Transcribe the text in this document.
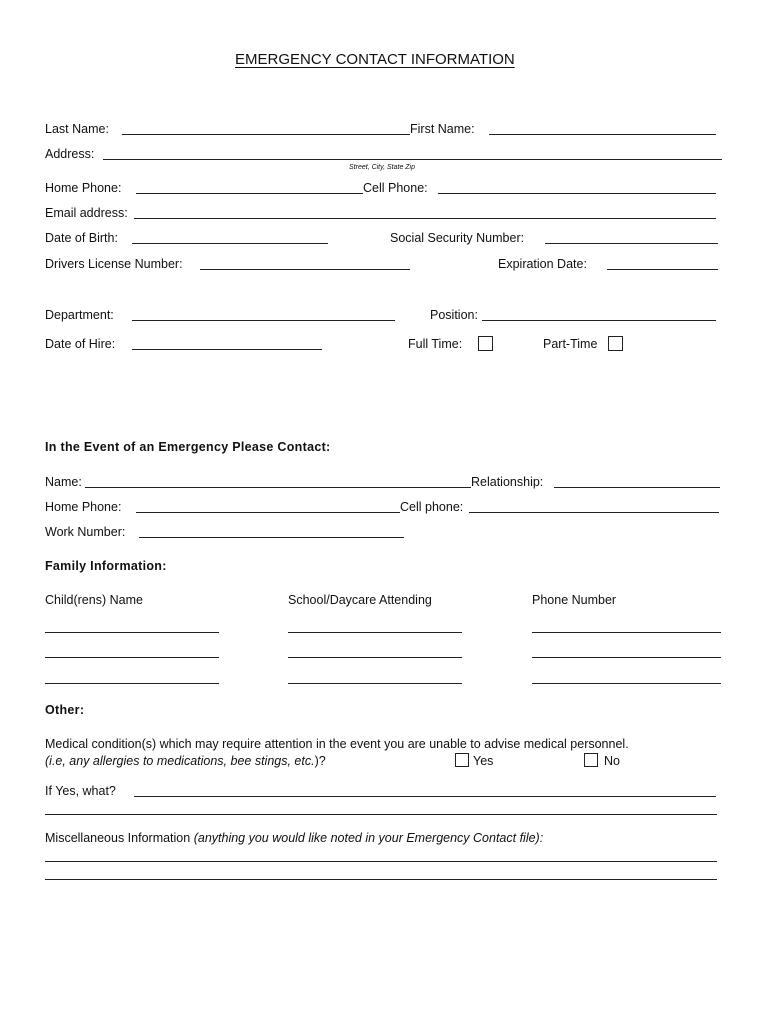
EMERGENCY CONTACT INFORMATION
Last Name:	First Name:
Address:
Street, City, State Zip
Home Phone:	Cell Phone:
Email address:
Date of Birth:	Social Security Number:
Drivers License Number:	Expiration Date:
Department:	Position:
Date of Hire:	Full Time:	Part-Time
In the Event of an Emergency Please Contact:
Name:	Relationship:
Home Phone:	Cell phone:
Work Number:
Family Information:
Child(rens) Name	School/Daycare Attending	Phone Number
Other:
Medical condition(s) which may require attention in the event you are unable to advise medical personnel.
(i.e, any allergies to medications, bee stings, etc.)?	Yes	No
If Yes, what?
Miscellaneous Information (anything you would like noted in your Emergency Contact file):
